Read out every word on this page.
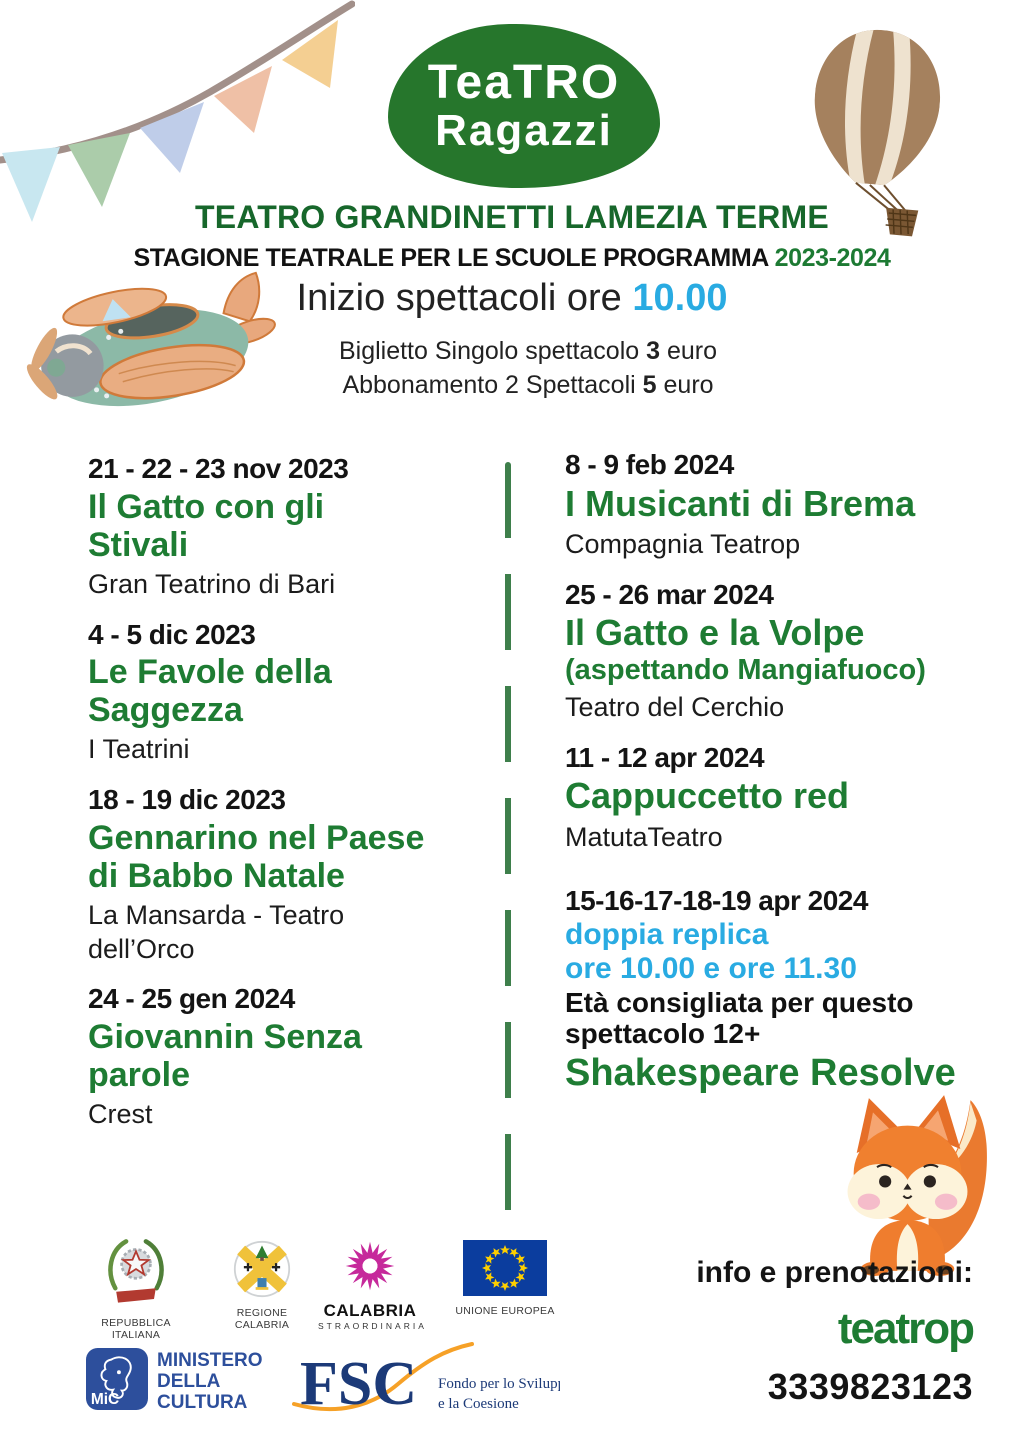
TeaTRO
Ragazzi
TEATRO GRANDINETTI LAMEZIA TERME
STAGIONE TEATRALE PER LE SCUOLE PROGRAMMA 2023-2024
Inizio spettacoli ore 10.00
Biglietto Singolo spettacolo 3 euro
Abbonamento 2 Spettacoli 5 euro
21 - 22 - 23 nov 2023
Il Gatto con gli Stivali
Gran Teatrino di Bari
4 - 5 dic 2023
Le Favole della Saggezza
I Teatrini
18 - 19 dic 2023
Gennarino nel Paese di Babbo Natale
La Mansarda - Teatro dell’Orco
24 - 25 gen 2024
Giovannin Senza parole
Crest
8 - 9 feb 2024
I Musicanti di Brema
Compagnia Teatrop
25 - 26 mar 2024
Il Gatto e la Volpe
(aspettando Mangiafuoco)
Teatro del Cerchio
11 - 12 apr 2024
Cappuccetto red
MatutaTeatro
15-16-17-18-19 apr 2024
doppia replica
ore 10.00 e ore 11.30
Età consigliata per questo spettacolo 12+
Shakespeare Resolve
REPUBBLICA ITALIANA
REGIONE CALABRIA
CALABRIA
STRAORDINARIA
UNIONE EUROPEA
MiC
MINISTERO
DELLA
CULTURA FSC Fondo per lo Sviluppo
e la Coesione
info e prenotazioni:
teatrop
3339823123
